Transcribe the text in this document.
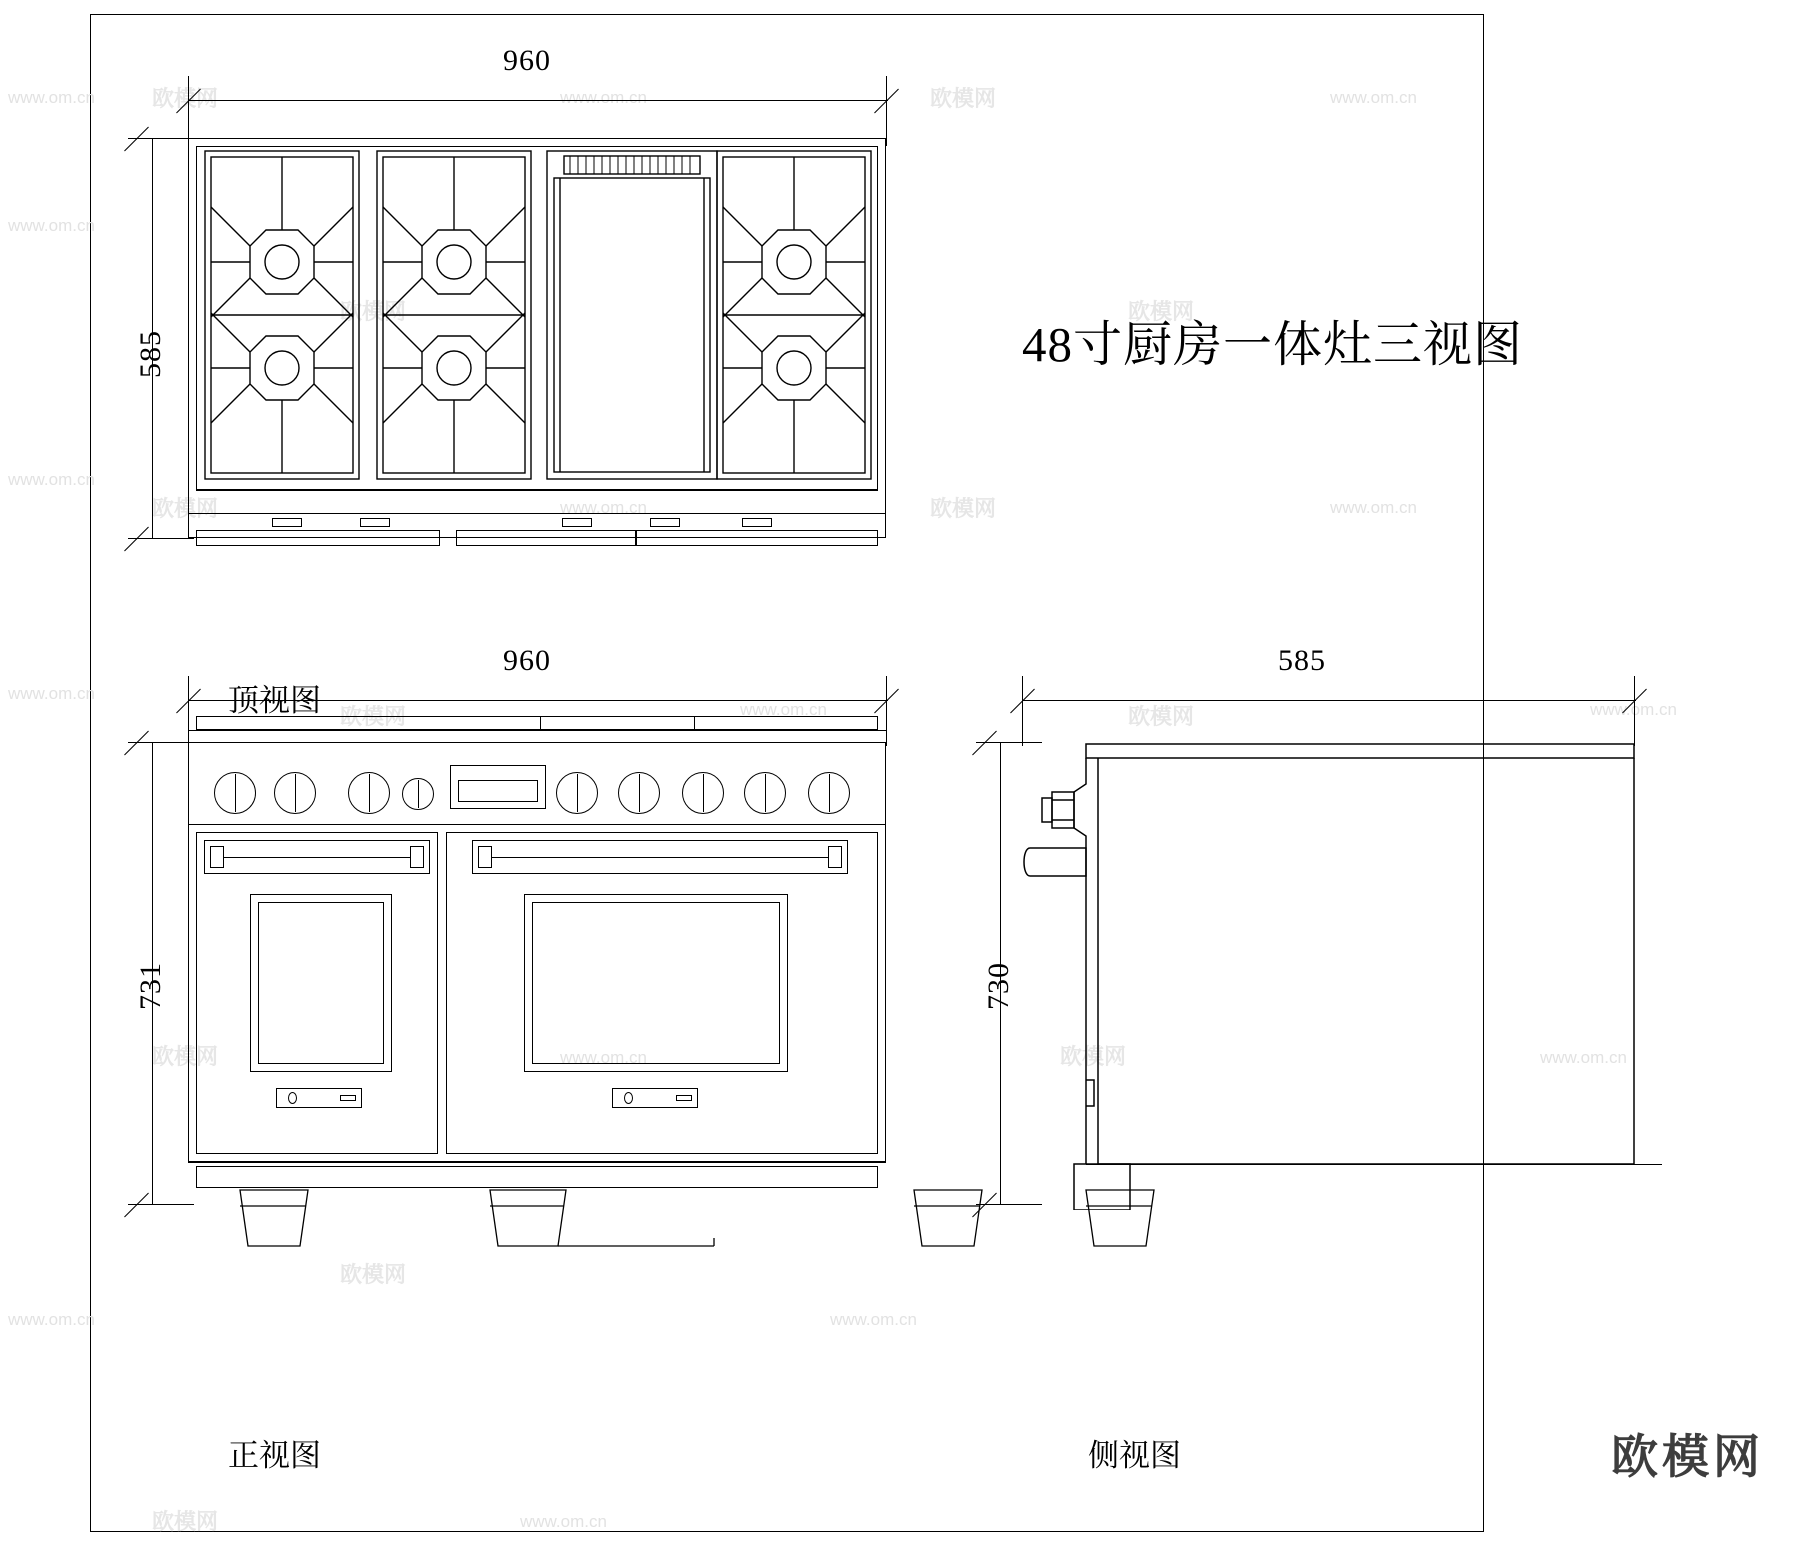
www.om.cn	欧模网	www.om.cn	欧模网	www.om.cn
www.om.cn
欧模网	欧模网
www.om.cn
欧模网	www.om.cn	欧模网	www.om.cn
www.om.cn
欧模网	www.om.cn	欧模网	www.om.cn
欧模网	www.om.cn	欧模网	www.om.cn
www.om.cn
欧模网
www.om.cn
欧模网	www.om.cn
48寸厨房一体灶三视图
960
585
顶视图
960
731
正视图
585
730
侧视图	欧模网
